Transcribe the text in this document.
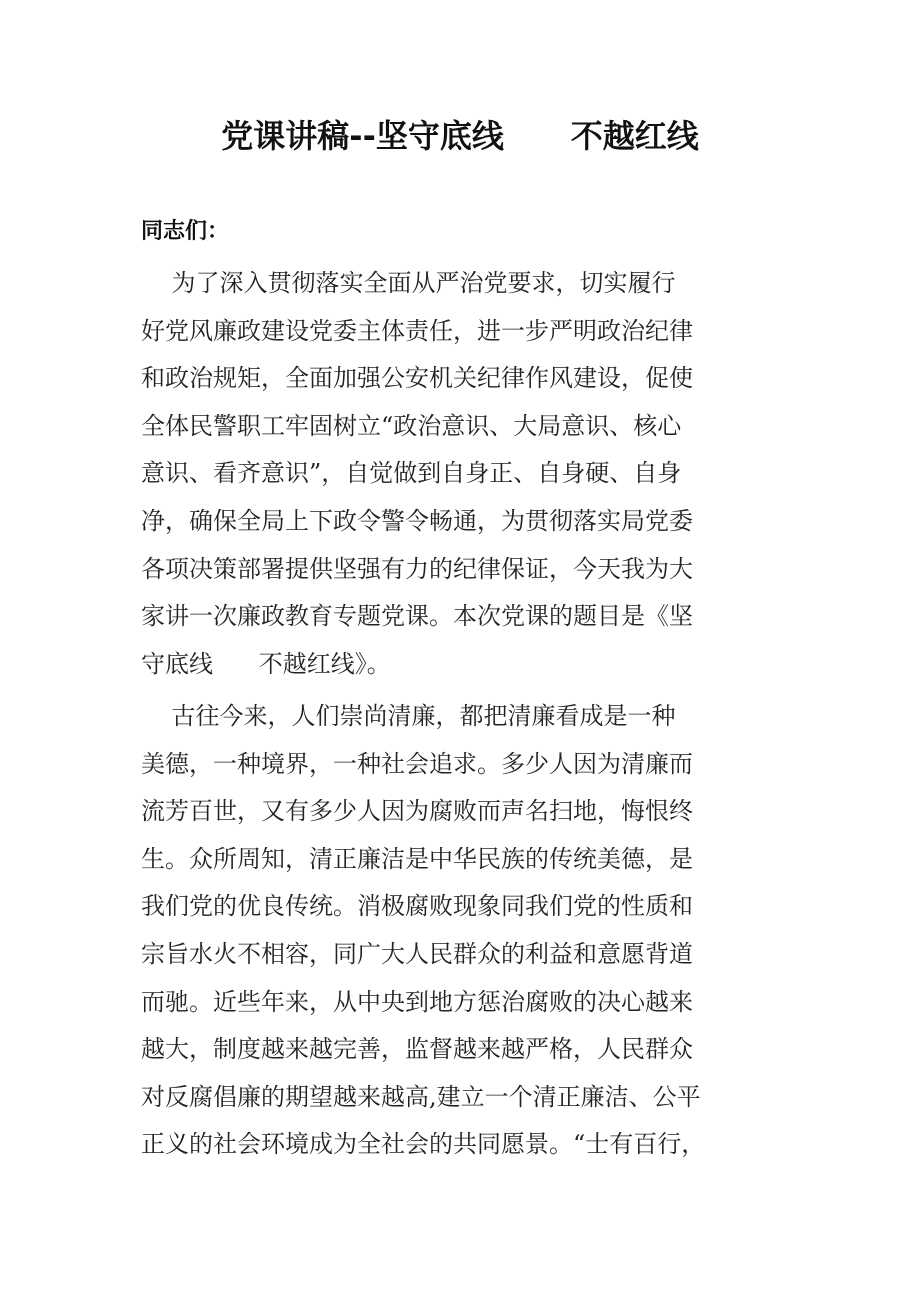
党课讲稿--坚守底线      不越红线
同志们：
为了深入贯彻落实全面从严治党要求，切实履行
好党风廉政建设党委主体责任，进一步严明政治纪律
和政治规矩，全面加强公安机关纪律作风建设，促使
全体民警职工牢固树立“政治意识、大局意识、核心
意识、看齐意识”，自觉做到自身正、自身硬、自身
净，确保全局上下政令警令畅通，为贯彻落实局党委
各项决策部署提供坚强有力的纪律保证，今天我为大
家讲一次廉政教育专题党课。本次党课的题目是《坚
守底线      不越红线》。
古往今来，人们崇尚清廉，都把清廉看成是一种
美德，一种境界，一种社会追求。多少人因为清廉而
流芳百世，又有多少人因为腐败而声名扫地，悔恨终
生。众所周知，清正廉洁是中华民族的传统美德，是
我们党的优良传统。消极腐败现象同我们党的性质和
宗旨水火不相容，同广大人民群众的利益和意愿背道
而驰。近些年来，从中央到地方惩治腐败的决心越来
越大，制度越来越完善，监督越来越严格，人民群众
对反腐倡廉的期望越来越高,建立一个清正廉洁、公平
正义的社会环境成为全社会的共同愿景。“士有百行，
